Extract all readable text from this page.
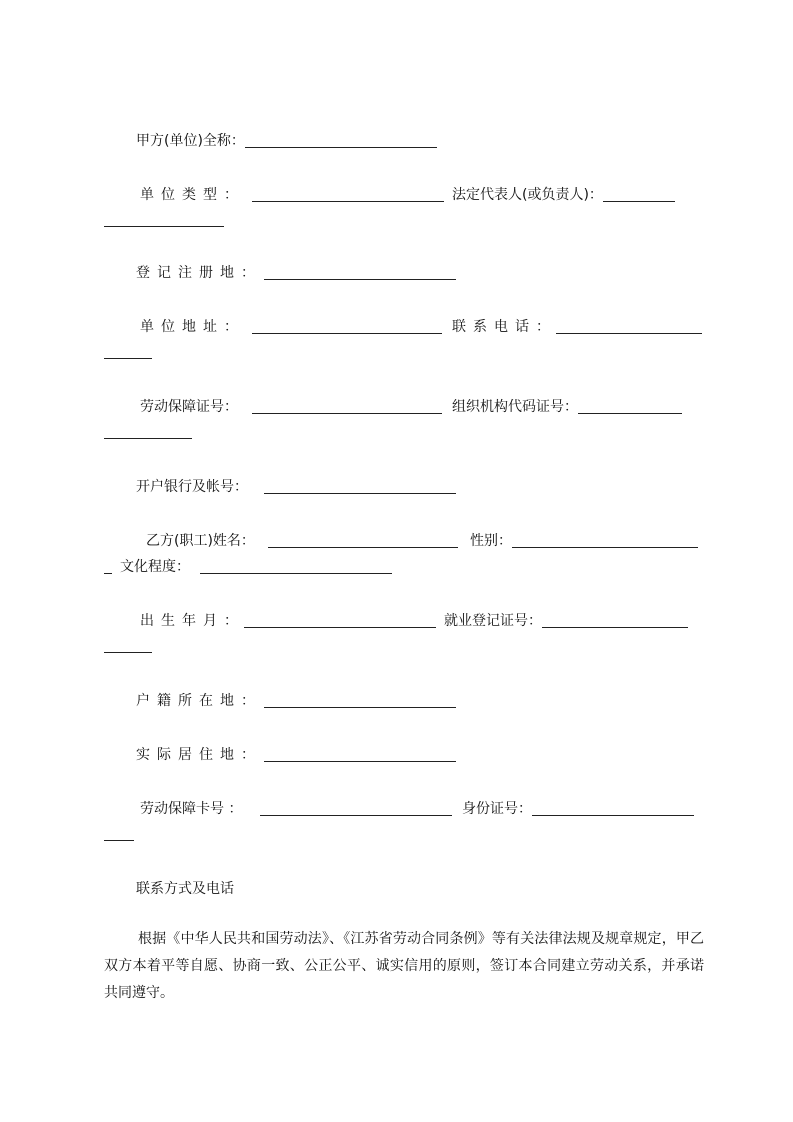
甲方(单位)全称：
单位类型：	法定代表人(或负责人)：
登记注册地：
单位地址：	联系电话：
劳动保障证号：	组织机构代码证号：
开户银行及帐号：
乙方(职工)姓名：	性别：
文化程度：
出生年月：	就业登记证号：
户籍所在地：
实际居住地：
劳动保障卡号 ：	身份证号：
联系方式及电话
根据《中华人民共和国劳动法》、《江苏省劳动合同条例》等有关法律法规及规章规定，甲乙双方本着平等自愿、协商一致、公正公平、诚实信用的原则，签订本合同建立劳动关系，并承诺共同遵守。
